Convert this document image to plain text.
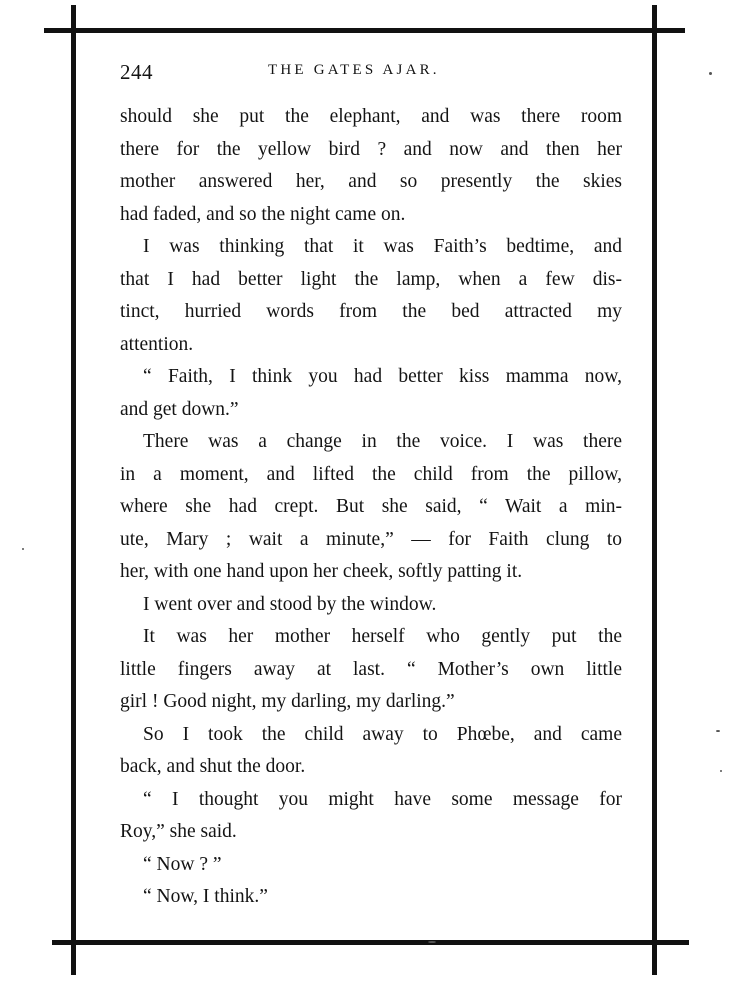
244	THE GATES AJAR.
should she put the elephant, and was there room
there for the yellow bird ? and now and then her
mother answered her, and so presently the skies
had faded, and so the night came on.
I was thinking that it was Faith’s bedtime, and
that I had better light the lamp, when a few dis-
tinct, hurried words from the bed attracted my
attention.
“ Faith, I think you had better kiss mamma now,
and get down.”
There was a change in the voice. I was there
in a moment, and lifted the child from the pillow,
where she had crept. But she said, “ Wait a min-
ute, Mary ; wait a minute,” — for Faith clung to
her, with one hand upon her cheek, softly patting it.
I went over and stood by the window.
It was her mother herself who gently put the
little fingers away at last. “ Mother’s own little
girl ! Good night, my darling, my darling.”
So I took the child away to Phœbe, and came
back, and shut the door.
“ I thought you might have some message for
Roy,” she said.
“ Now ? ”
“ Now, I think.”
